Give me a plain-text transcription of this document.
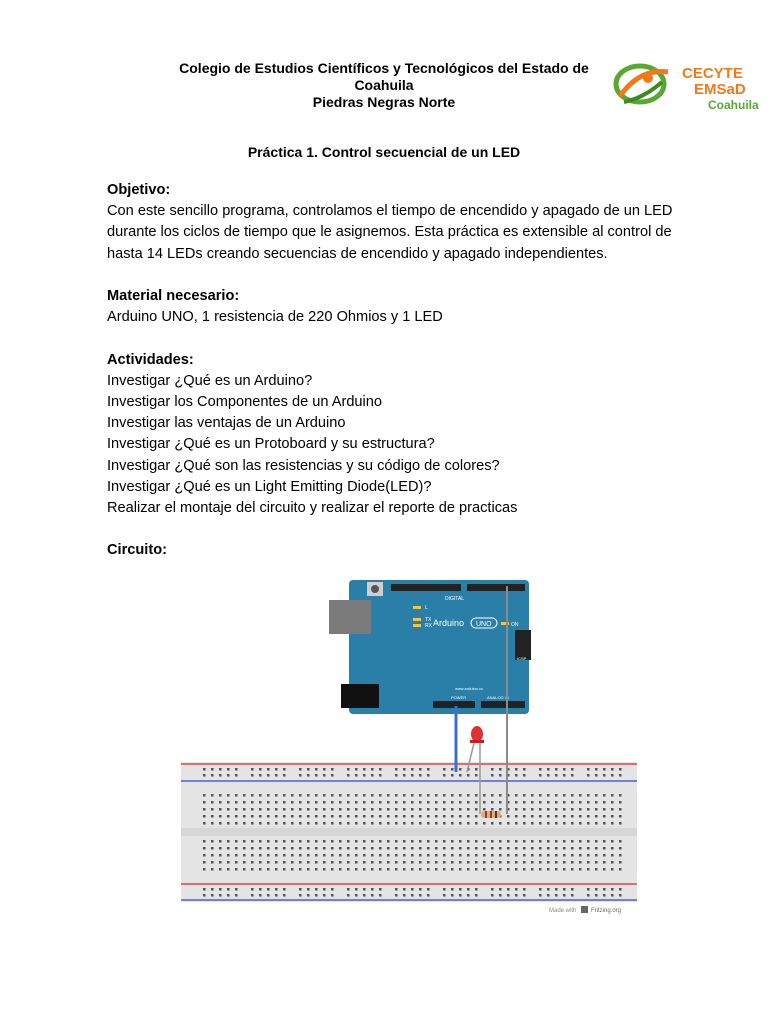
Colegio de Estudios Científicos y Tecnológicos del Estado de
Coahuila
Piedras Negras Norte
CECYTE
EMSaD
Coahuila
Práctica 1. Control secuencial de un LED
Objetivo:
Con este sencillo programa, controlamos el tiempo de encendido y apagado de un LED
durante los ciclos de tiempo que le asignemos. Esta práctica es extensible al control de
hasta 14 LEDs creando secuencias de encendido y apagado independientes.
Material necesario:
Arduino UNO, 1 resistencia de 220 Ohmios y 1 LED
Actividades:
Investigar ¿Qué es un Arduino?
Investigar los Componentes de un Arduino
Investigar las ventajas de un Arduino
Investigar ¿Qué es un Protoboard y su estructura?
Investigar ¿Qué son las resistencias y su código de colores?
Investigar ¿Qué es un Light Emitting Diode(LED)?
Realizar el montaje del circuito y realizar el reporte de practicas
Circuito:
L
TX
RX	ON
DIGITAL
Arduino UNO
ICSP
www.arduino.cc
POWER	ANALOG IN
Made with Fritzing.org
